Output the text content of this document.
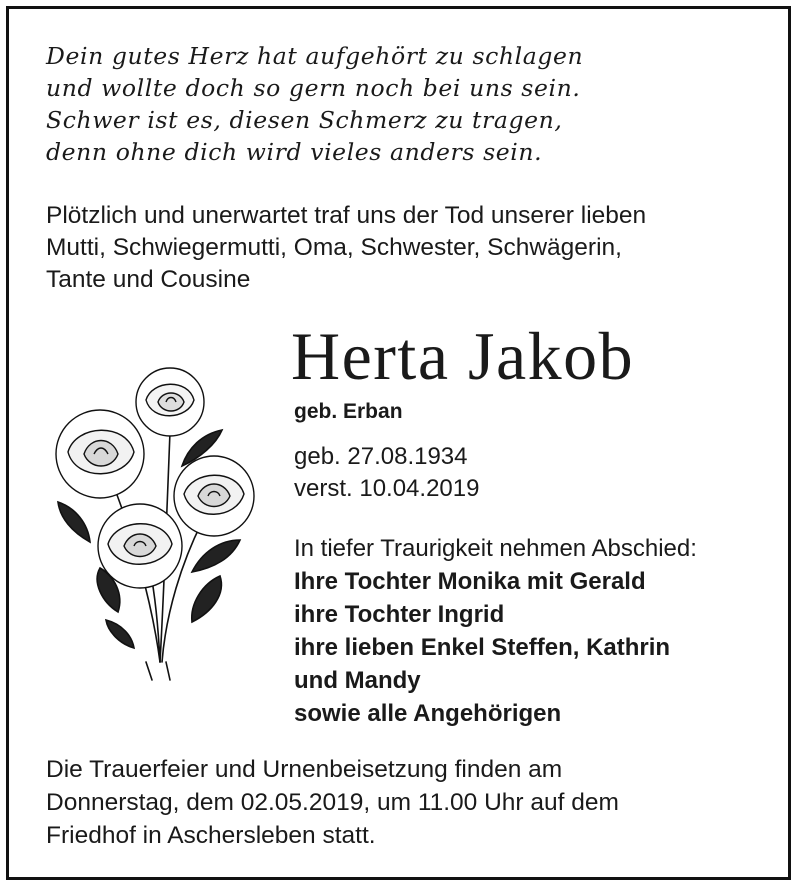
Dein gutes Herz hat aufgehört zu schlagen
und wollte doch so gern noch bei uns sein.
Schwer ist es, diesen Schmerz zu tragen,
denn ohne dich wird vieles anders sein.
Plötzlich und unerwartet traf uns der Tod unserer lieben
Mutti, Schwiegermutti, Oma, Schwester, Schwägerin,
Tante und Cousine
Herta Jakob
geb. Erban
geb. 27.08.1934
verst. 10.04.2019
In tiefer Traurigkeit nehmen Abschied:
Ihre Tochter Monika mit Gerald
ihre Tochter Ingrid
ihre lieben Enkel Steffen, Kathrin
und Mandy
sowie alle Angehörigen
Die Trauerfeier und Urnenbeisetzung finden am
Donnerstag, dem 02.05.2019, um 11.00 Uhr auf dem
Friedhof in Aschersleben statt.
